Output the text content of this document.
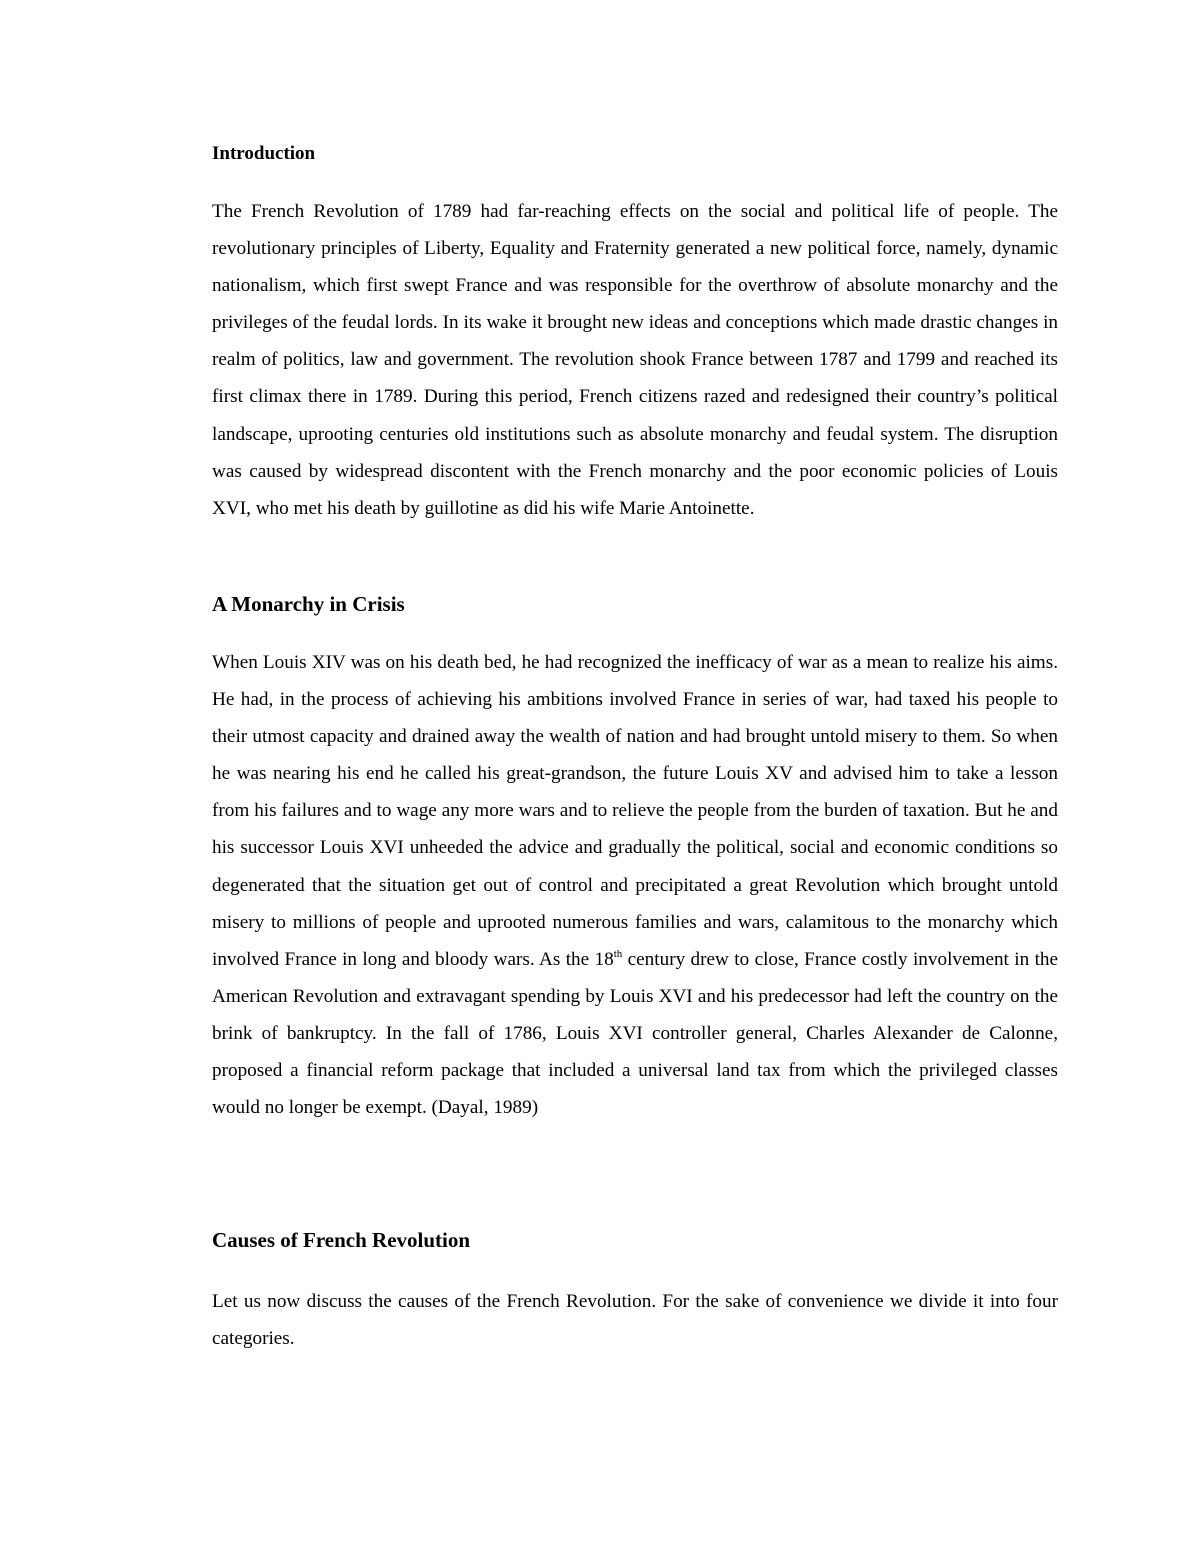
Introduction

The French Revolution of 1789 had far-reaching effects on the social and political life of people. The revolutionary principles of Liberty, Equality and Fraternity generated a new political force, namely, dynamic nationalism, which first swept France and was responsible for the overthrow of absolute monarchy and the privileges of the feudal lords. In its wake it brought new ideas and conceptions which made drastic changes in realm of politics, law and government. The revolution shook France between 1787 and 1799 and reached its first climax there in 1789. During this period, French citizens razed and redesigned their country’s political landscape, uprooting centuries old institutions such as absolute monarchy and feudal system. The disruption was caused by widespread discontent with the French monarchy and the poor economic policies of Louis XVI, who met his death by guillotine as did his wife Marie Antoinette.

A Monarchy in Crisis

When Louis XIV was on his death bed, he had recognized the inefficacy of war as a mean to realize his aims. He had, in the process of achieving his ambitions involved France in series of war, had taxed his people to their utmost capacity and drained away the wealth of nation and had brought untold misery to them. So when he was nearing his end he called his great-grandson, the future Louis XV and advised him to take a lesson from his failures and to wage any more wars and to relieve the people from the burden of taxation. But he and his successor Louis XVI unheeded the advice and gradually the political, social and economic conditions so degenerated that the situation get out of control and precipitated a great Revolution which brought untold misery to millions of people and uprooted numerous families and wars, calamitous to the monarchy which involved France in long and bloody wars. As the 18th century drew to close, France costly involvement in the American Revolution and extravagant spending by Louis XVI and his predecessor had left the country on the brink of bankruptcy. In the fall of 1786, Louis XVI controller general, Charles Alexander de Calonne, proposed a financial reform package that included a universal land tax from which the privileged classes would no longer be exempt. (Dayal, 1989)

Causes of French Revolution

Let us now discuss the causes of the French Revolution. For the sake of convenience we divide it into four categories.
